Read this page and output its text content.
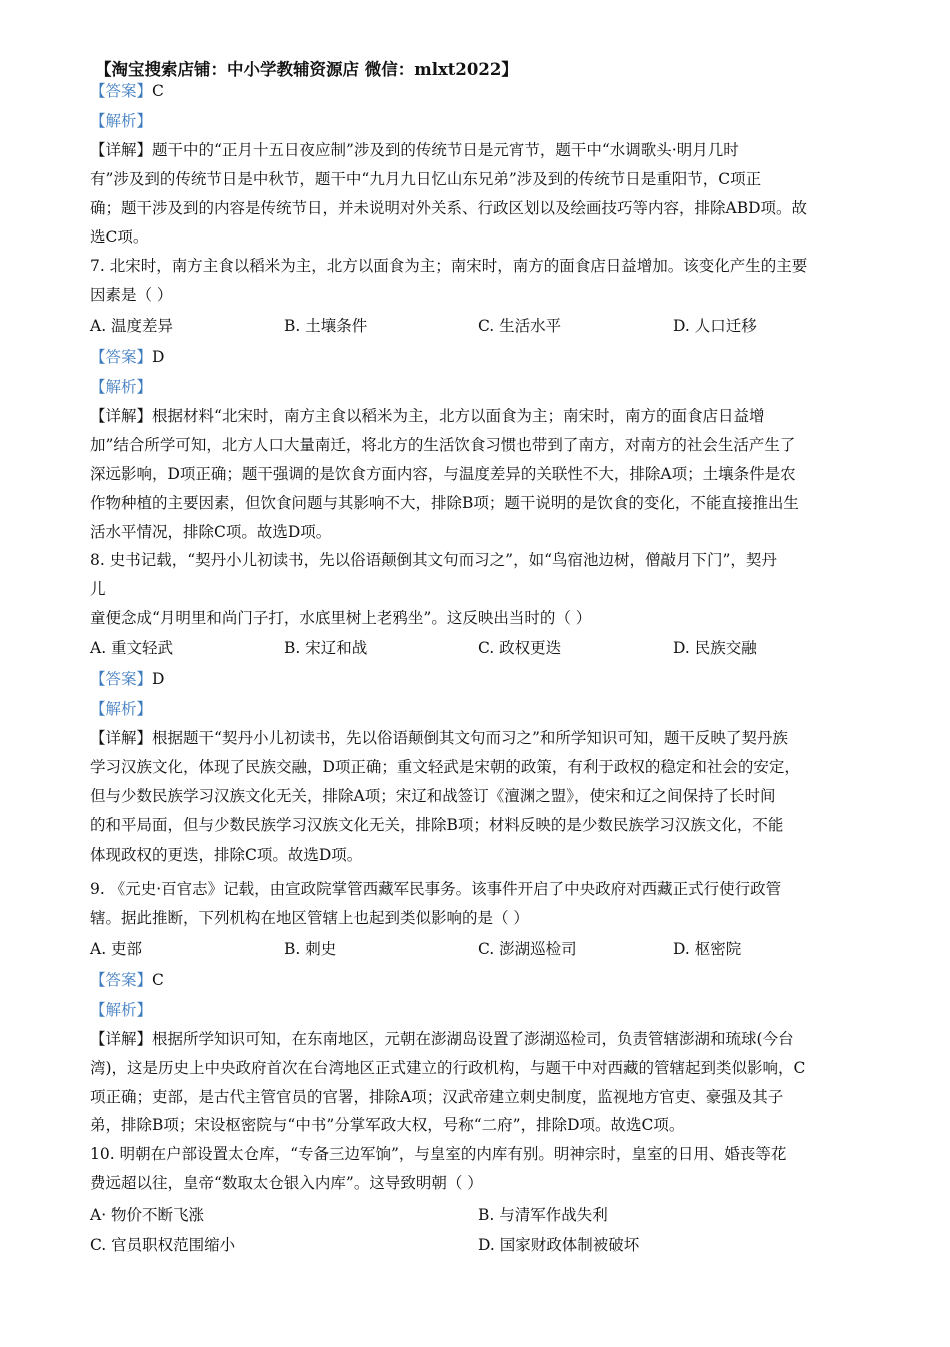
【淘宝搜索店铺：中小学教辅资源店 微信：mlxt2022】
【答案】C
【解析】
【详解】题干中的“正月十五日夜应制”涉及到的传统节日是元宵节，题干中“水调歌头·明月几时
有”涉及到的传统节日是中秋节，题干中“九月九日忆山东兄弟”涉及到的传统节日是重阳节，C项正
确；题干涉及到的内容是传统节日，并未说明对外关系、行政区划以及绘画技巧等内容，排除ABD项。故
选C项。
7. 北宋时，南方主食以稻米为主，北方以面食为主；南宋时，南方的面食店日益增加。该变化产生的主要
因素是（ ）
A. 温度差异	B. 土壤条件	C. 生活水平	D. 人口迁移
【答案】D
【解析】
【详解】根据材料“北宋时，南方主食以稻米为主，北方以面食为主；南宋时，南方的面食店日益增
加”结合所学可知，北方人口大量南迁，将北方的生活饮食习惯也带到了南方，对南方的社会生活产生了
深远影响，D项正确；题干强调的是饮食方面内容，与温度差异的关联性不大，排除A项；土壤条件是农
作物种植的主要因素，但饮食问题与其影响不大，排除B项；题干说明的是饮食的变化，不能直接推出生
活水平情况，排除C项。故选D项。
8. 史书记载，“契丹小儿初读书，先以俗语颠倒其文句而习之”，如“鸟宿池边树，僧敲月下门”，契丹
儿
童便念成“月明里和尚门子打，水底里树上老鸦坐”。这反映出当时的（ ）
A. 重文轻武	B. 宋辽和战	C. 政权更迭	D. 民族交融
【答案】D
【解析】
【详解】根据题干“契丹小儿初读书，先以俗语颠倒其文句而习之”和所学知识可知，题干反映了契丹族
学习汉族文化，体现了民族交融，D项正确；重文轻武是宋朝的政策，有利于政权的稳定和社会的安定，
但与少数民族学习汉族文化无关，排除A项；宋辽和战签订《澶渊之盟》，使宋和辽之间保持了长时间
的和平局面，但与少数民族学习汉族文化无关，排除B项；材料反映的是少数民族学习汉族文化，不能
体现政权的更迭，排除C项。故选D项。
9. 《元史·百官志》记载，由宣政院掌管西藏军民事务。该事件开启了中央政府对西藏正式行使行政管
辖。据此推断，下列机构在地区管辖上也起到类似影响的是（ ）
A. 吏部	B. 刺史	C. 澎湖巡检司	D. 枢密院
【答案】C
【解析】
【详解】根据所学知识可知，在东南地区，元朝在澎湖岛设置了澎湖巡检司，负责管辖澎湖和琉球(今台
湾)，这是历史上中央政府首次在台湾地区正式建立的行政机构，与题干中对西藏的管辖起到类似影响，C
项正确；吏部，是古代主管官员的官署，排除A项；汉武帝建立刺史制度，监视地方官吏、豪强及其子
弟，排除B项；宋设枢密院与“中书”分掌军政大权，号称“二府”，排除D项。故选C项。
10. 明朝在户部设置太仓库，“专备三边军饷”，与皇室的内库有别。明神宗时，皇室的日用、婚丧等花
费远超以往，皇帝“数取太仓银入内库”。这导致明朝（ ）
A· 物价不断飞涨	B. 与清军作战失利
C. 官员职权范围缩小	D. 国家财政体制被破坏
